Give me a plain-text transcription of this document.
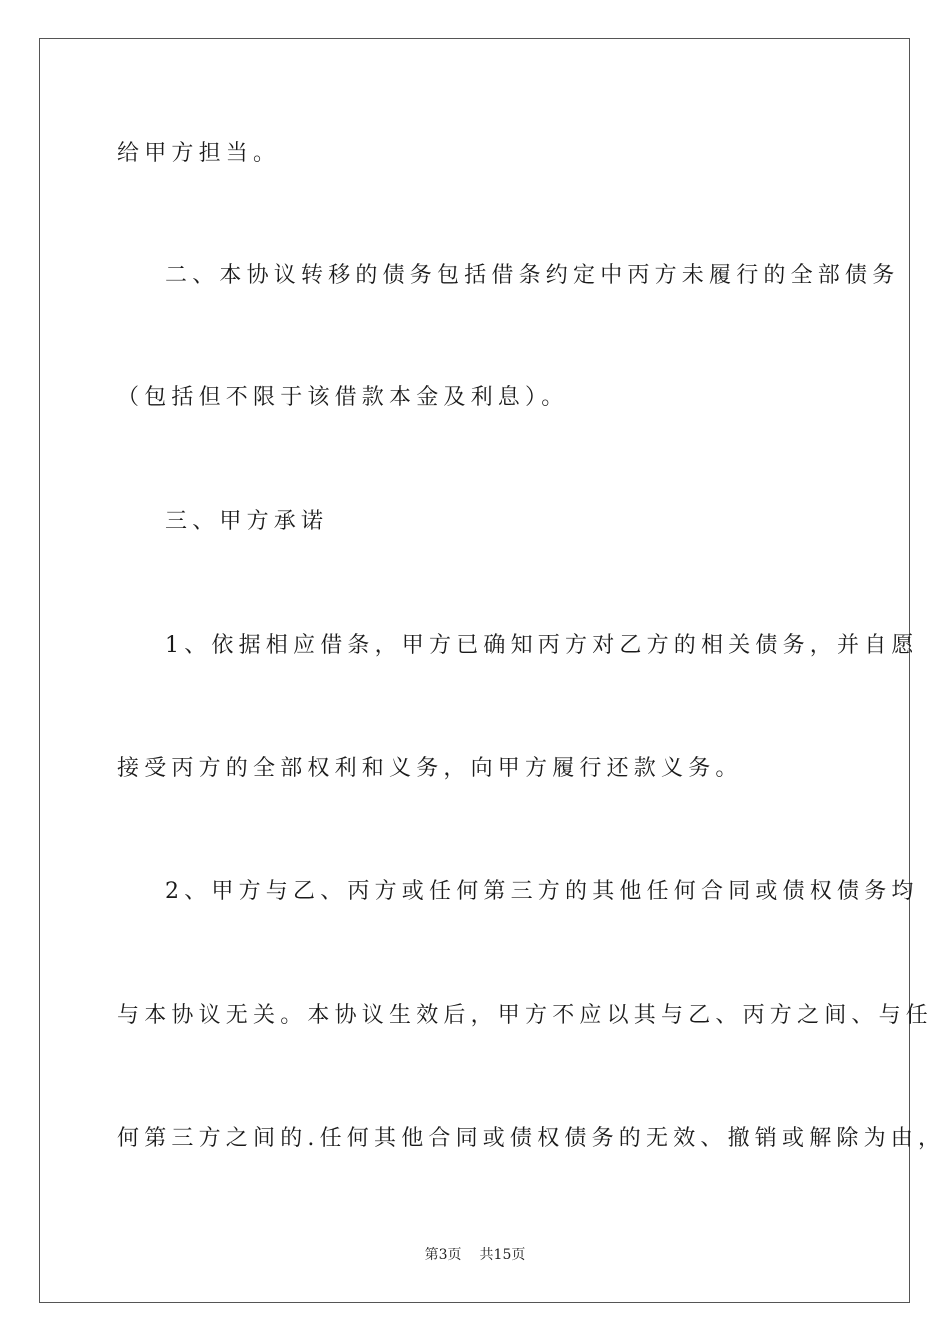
给甲方担当。
二、本协议转移的债务包括借条约定中丙方未履行的全部债务
（包括但不限于该借款本金及利息）。
三、甲方承诺
1、依据相应借条，甲方已确知丙方对乙方的相关债务，并自愿
接受丙方的全部权利和义务，向甲方履行还款义务。
2、甲方与乙、丙方或任何第三方的其他任何合同或债权债务均
与本协议无关。本协议生效后，甲方不应以其与乙、丙方之间、与任
何第三方之间的.任何其他合同或债权债务的无效、撤销或解除为由，
第3页 共15页
